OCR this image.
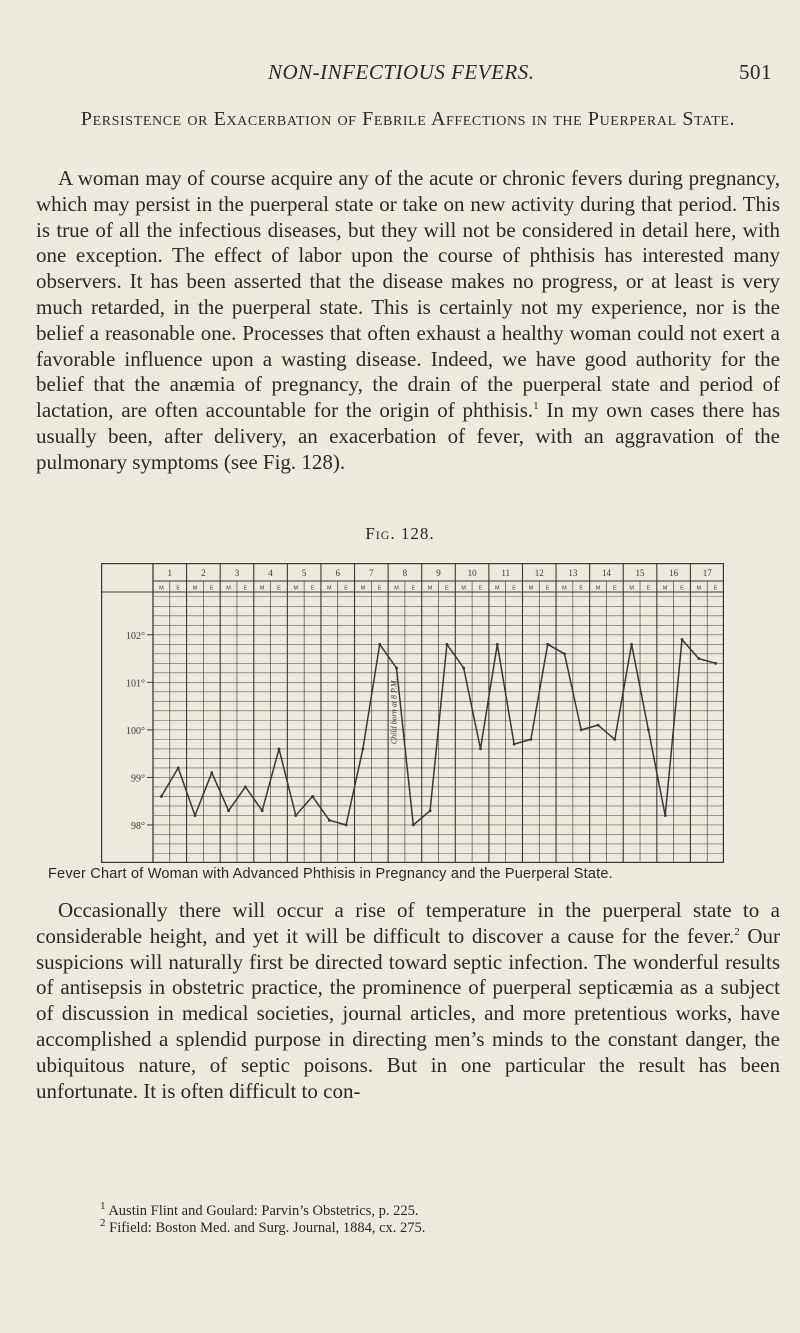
NON-INFECTIOUS FEVERS.	501
Persistence or Exacerbation of Febrile Affections in the Puerperal State.

A woman may of course acquire any of the acute or chronic fevers during pregnancy, which may persist in the puerperal state or take on new activity during that period. This is true of all the infectious diseases, but they will not be considered in detail here, with one exception. The effect of labor upon the course of phthisis has interested many observers. It has been asserted that the disease makes no progress, or at least is very much retarded, in the puerperal state. This is certainly not my experience, nor is the belief a reasonable one. Processes that often exhaust a healthy woman could not exert a favorable influence upon a wasting disease. Indeed, we have good authority for the belief that the anæmia of pregnancy, the drain of the puerperal state and period of lactation, are often accountable for the origin of phthisis.$^1$ In my own cases there has usually been, after delivery, an exacerbation of fever, with an aggravation of the pulmonary symptoms (see Fig. 128).

Fig. 128.
1	2	3	4	5	6	7	8	9	10	11	12	13	14	15	16	17
M E M E M E M E M E M E M E M E M E M E M E M E M E M E M E M E M E
102°
101°
100°
99°
98°
Child born at 8 P.M.
Fever Chart of Woman with Advanced Phthisis in Pregnancy and the Puerperal State.

Occasionally there will occur a rise of temperature in the puerperal state to a considerable height, and yet it will be difficult to discover a cause for the fever.$^2$ Our suspicions will naturally first be directed toward septic infection. The wonderful results of antisepsis in obstetric practice, the prominence of puerperal septicæmia as a subject of discussion in medical societies, journal articles, and more pretentious works, have accomplished a splendid purpose in directing men’s minds to the constant danger, the ubiquitous nature, of septic poisons. But in one particular the result has been unfortunate. It is often difficult to con-

$^1$ Austin Flint and Goulard: Parvin’s Obstetrics, p. 225.
$^2$ Fifield: Boston Med. and Surg. Journal, 1884, cx. 275.
